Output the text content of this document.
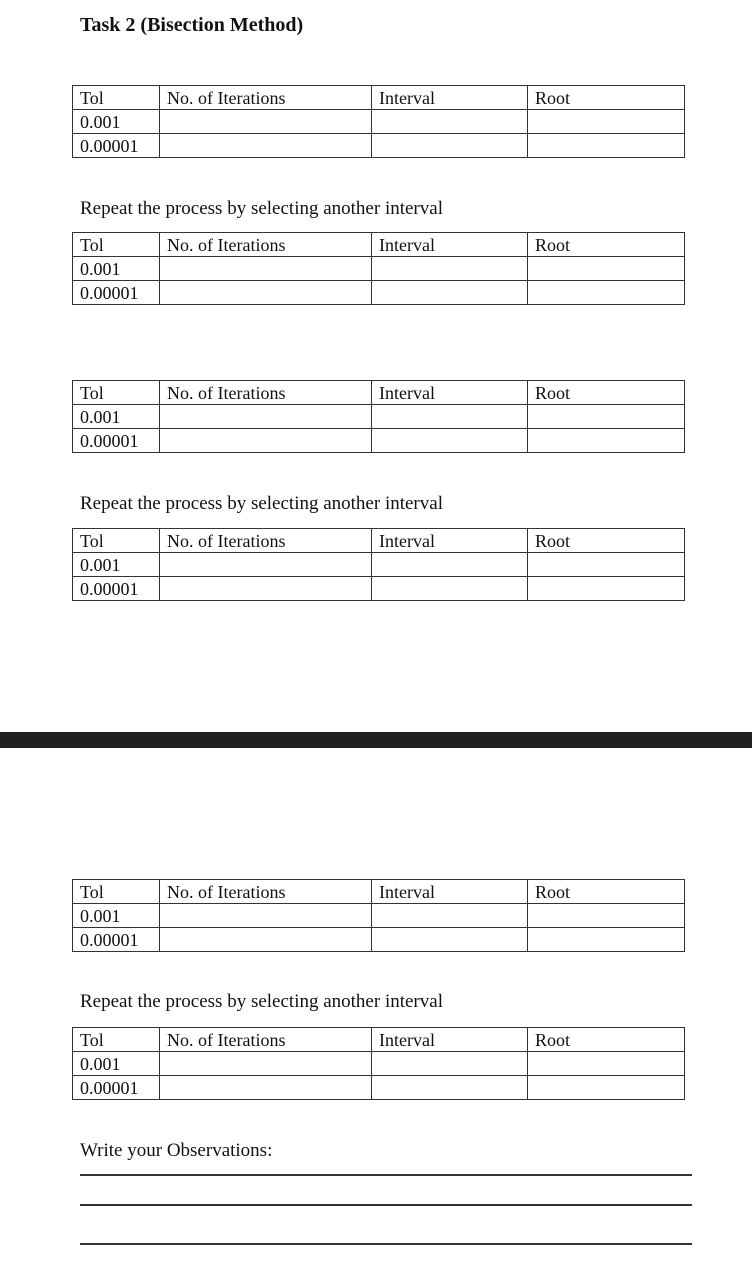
Task 2 (Bisection Method)
Tol	No. of Iterations	Interval	Root
0.001			
0.00001			

Repeat the process by selecting another interval

Tol	No. of Iterations	Interval	Root
0.001			
0.00001			
Tol	No. of Iterations	Interval	Root
0.001			
0.00001			

Repeat the process by selecting another interval

Tol	No. of Iterations	Interval	Root
0.001			
0.00001			
Tol	No. of Iterations	Interval	Root
0.001			
0.00001			

Repeat the process by selecting another interval

Tol	No. of Iterations	Interval	Root
0.001			
0.00001			

Write your Observations:
